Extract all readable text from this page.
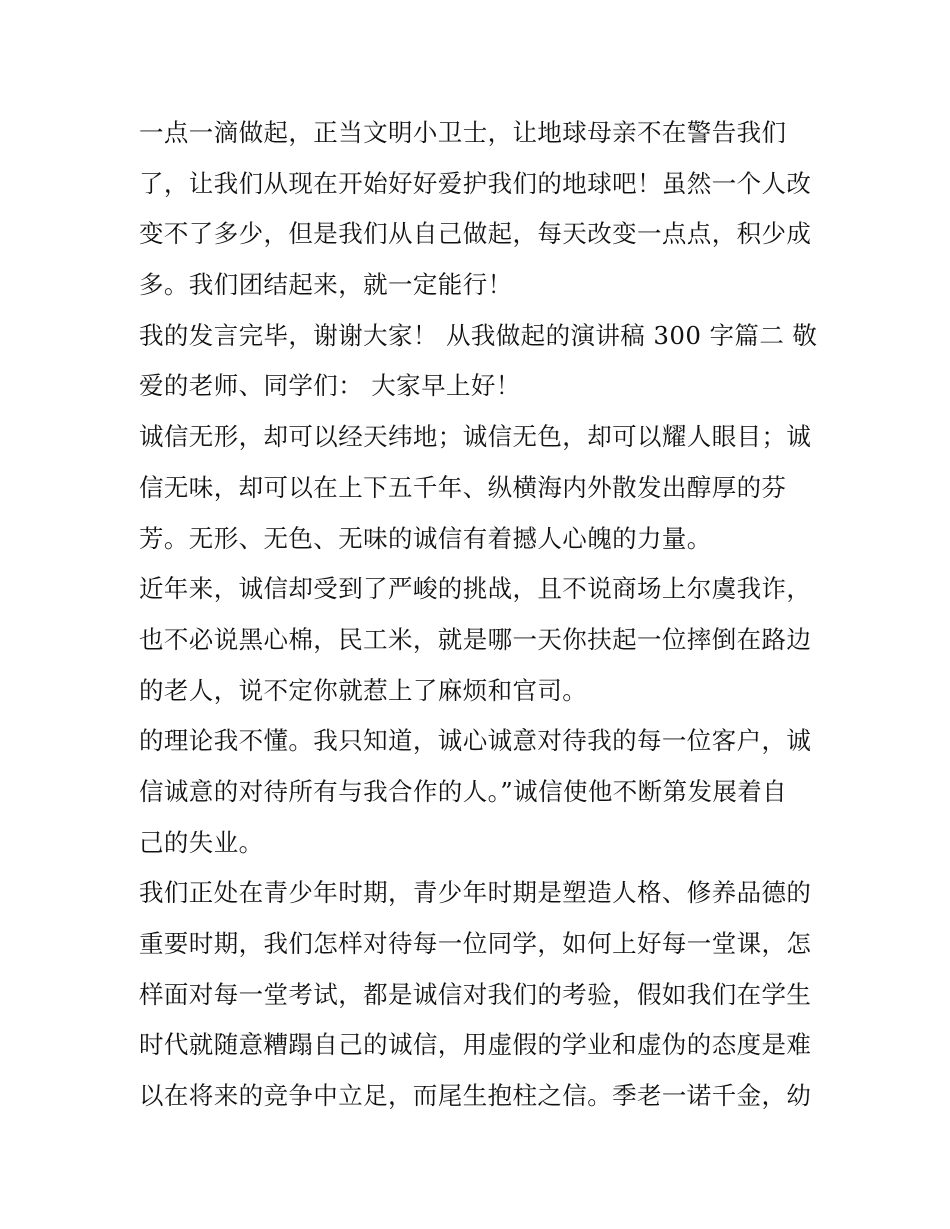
一点一滴做起，正当文明小卫士，让地球母亲不在警告我们
了，让我们从现在开始好好爱护我们的地球吧！虽然一个人改
变不了多少，但是我们从自己做起，每天改变一点点，积少成
多。我们团结起来，就一定能行！
我的发言完毕，谢谢大家！ 从我做起的演讲稿 300 字篇二 敬
爱的老师、同学们： 大家早上好！
诚信无形，却可以经天纬地；诚信无色，却可以耀人眼目；诚
信无味，却可以在上下五千年、纵横海内外散发出醇厚的芬
芳。无形、无色、无味的诚信有着撼人心魄的力量。
近年来，诚信却受到了严峻的挑战，且不说商场上尔虞我诈，
也不必说黑心棉，民工米，就是哪一天你扶起一位摔倒在路边
的老人，说不定你就惹上了麻烦和官司。
的理论我不懂。我只知道，诚心诚意对待我的每一位客户，诚
信诚意的对待所有与我合作的人。”诚信使他不断第发展着自
己的失业。
我们正处在青少年时期，青少年时期是塑造人格、修养品德的
重要时期，我们怎样对待每一位同学，如何上好每一堂课，怎
样面对每一堂考试，都是诚信对我们的考验，假如我们在学生
时代就随意糟蹋自己的诚信，用虚假的学业和虚伪的态度是难
以在将来的竞争中立足，而尾生抱柱之信。季老一诺千金，幼
